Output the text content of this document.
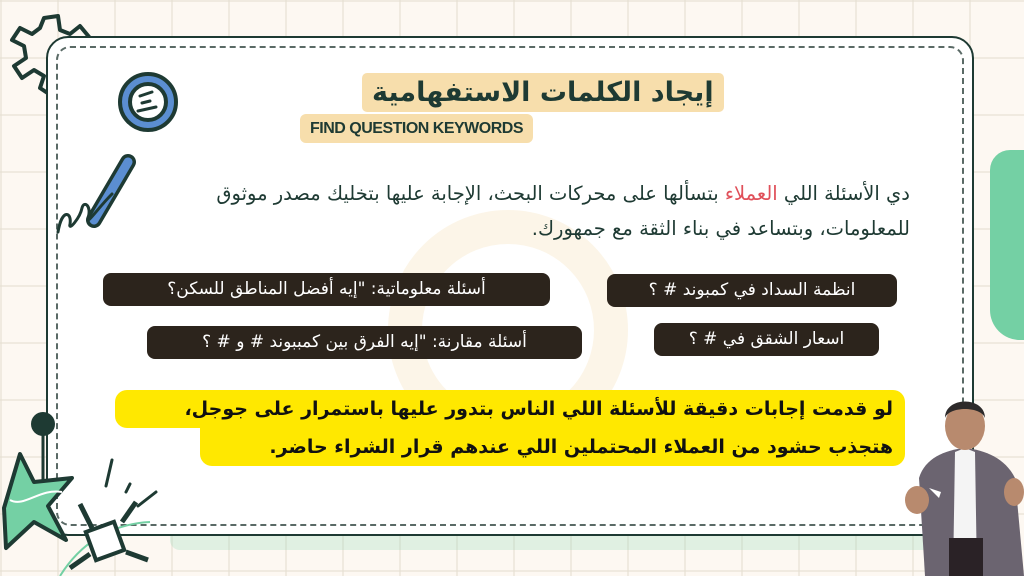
إيجاد الكلمات الاستفهامية
FIND QUESTION KEYWORDS
دي الأسئلة اللي العملاء بتسألها على محركات البحث، الإجابة عليها بتخليك مصدر موثوق للمعلومات، وبتساعد في بناء الثقة مع جمهورك.
انظمة السداد في كمبوند # ؟
أسئلة معلوماتية: "إيه أفضل المناطق للسكن؟
اسعار الشقق في # ؟
أسئلة مقارنة: "إيه الفرق بين كمببوند # و # ؟
لو قدمت إجابات دقيقة للأسئلة اللي الناس بتدور عليها باستمرار على جوجل،
هتجذب حشود من العملاء المحتملين اللي عندهم قرار الشراء حاضر.
